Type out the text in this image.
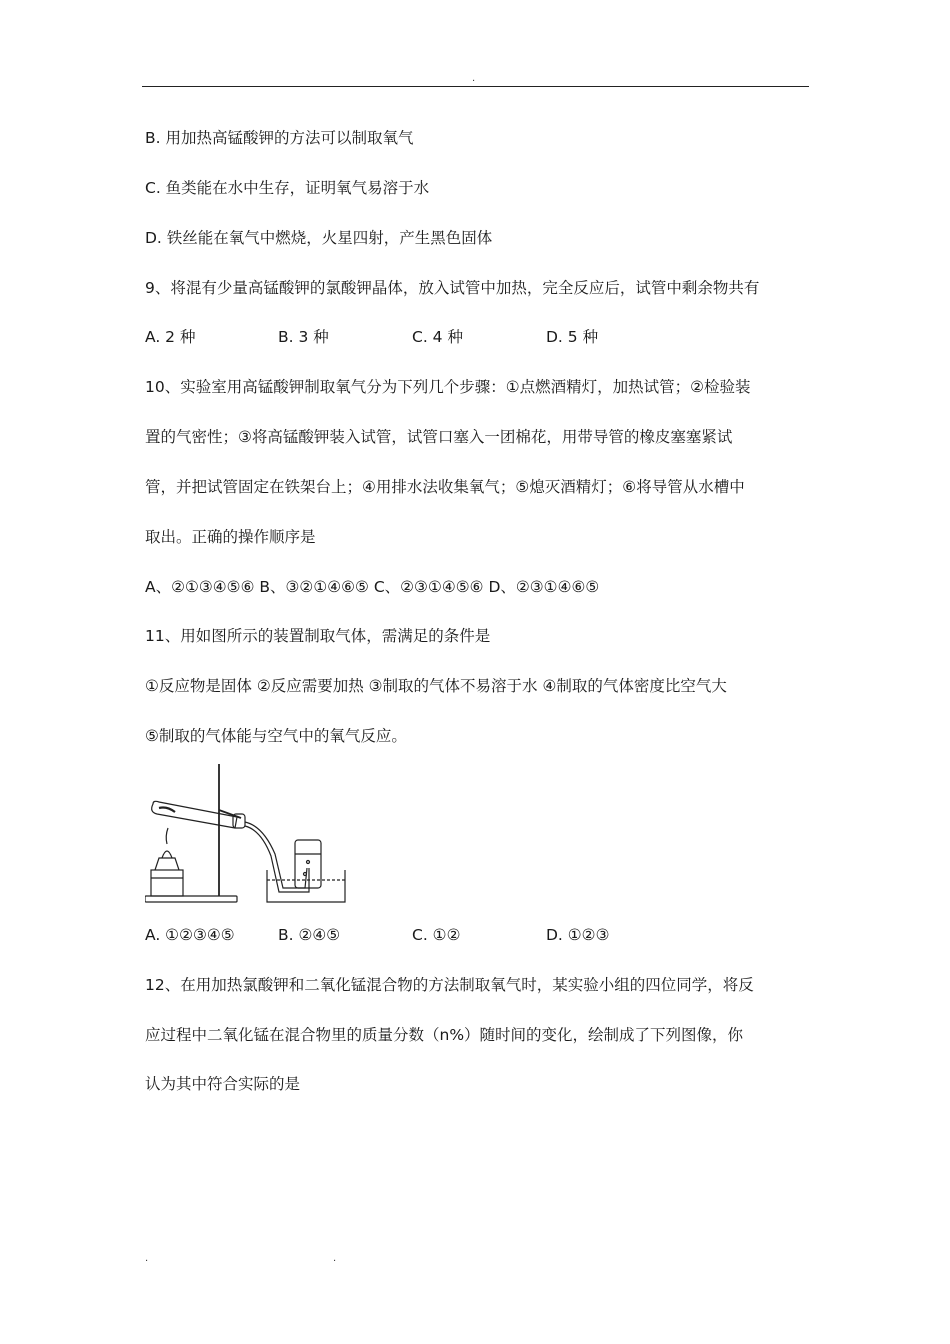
.
B. 用加热高锰酸钾的方法可以制取氧气
C. 鱼类能在水中生存，证明氧气易溶于水
D. 铁丝能在氧气中燃烧，火星四射，产生黑色固体
9、将混有少量高锰酸钾的氯酸钾晶体，放入试管中加热，完全反应后，试管中剩余物共有
A. 2 种	B. 3 种	C. 4 种	D. 5 种
10、实验室用高锰酸钾制取氧气分为下列几个步骤：①点燃酒精灯，加热试管；②检验装
置的气密性；③将高锰酸钾装入试管，试管口塞入一团棉花，用带导管的橡皮塞塞紧试
管，并把试管固定在铁架台上；④用排水法收集氧气；⑤熄灭酒精灯；⑥将导管从水槽中
取出。正确的操作顺序是
A、②①③④⑤⑥ B、③②①④⑥⑤ C、②③①④⑤⑥ D、②③①④⑥⑤
11、用如图所示的装置制取气体，需满足的条件是
①反应物是固体 ②反应需要加热 ③制取的气体不易溶于水 ④制取的气体密度比空气大
⑤制取的气体能与空气中的氧气反应。
A. ①②③④⑤	B. ②④⑤	C. ①②	D. ①②③
12、在用加热氯酸钾和二氧化锰混合物的方法制取氧气时，某实验小组的四位同学，将反
应过程中二氧化锰在混合物里的质量分数（n%）随时间的变化，绘制成了下列图像，你
认为其中符合实际的是
.	.
